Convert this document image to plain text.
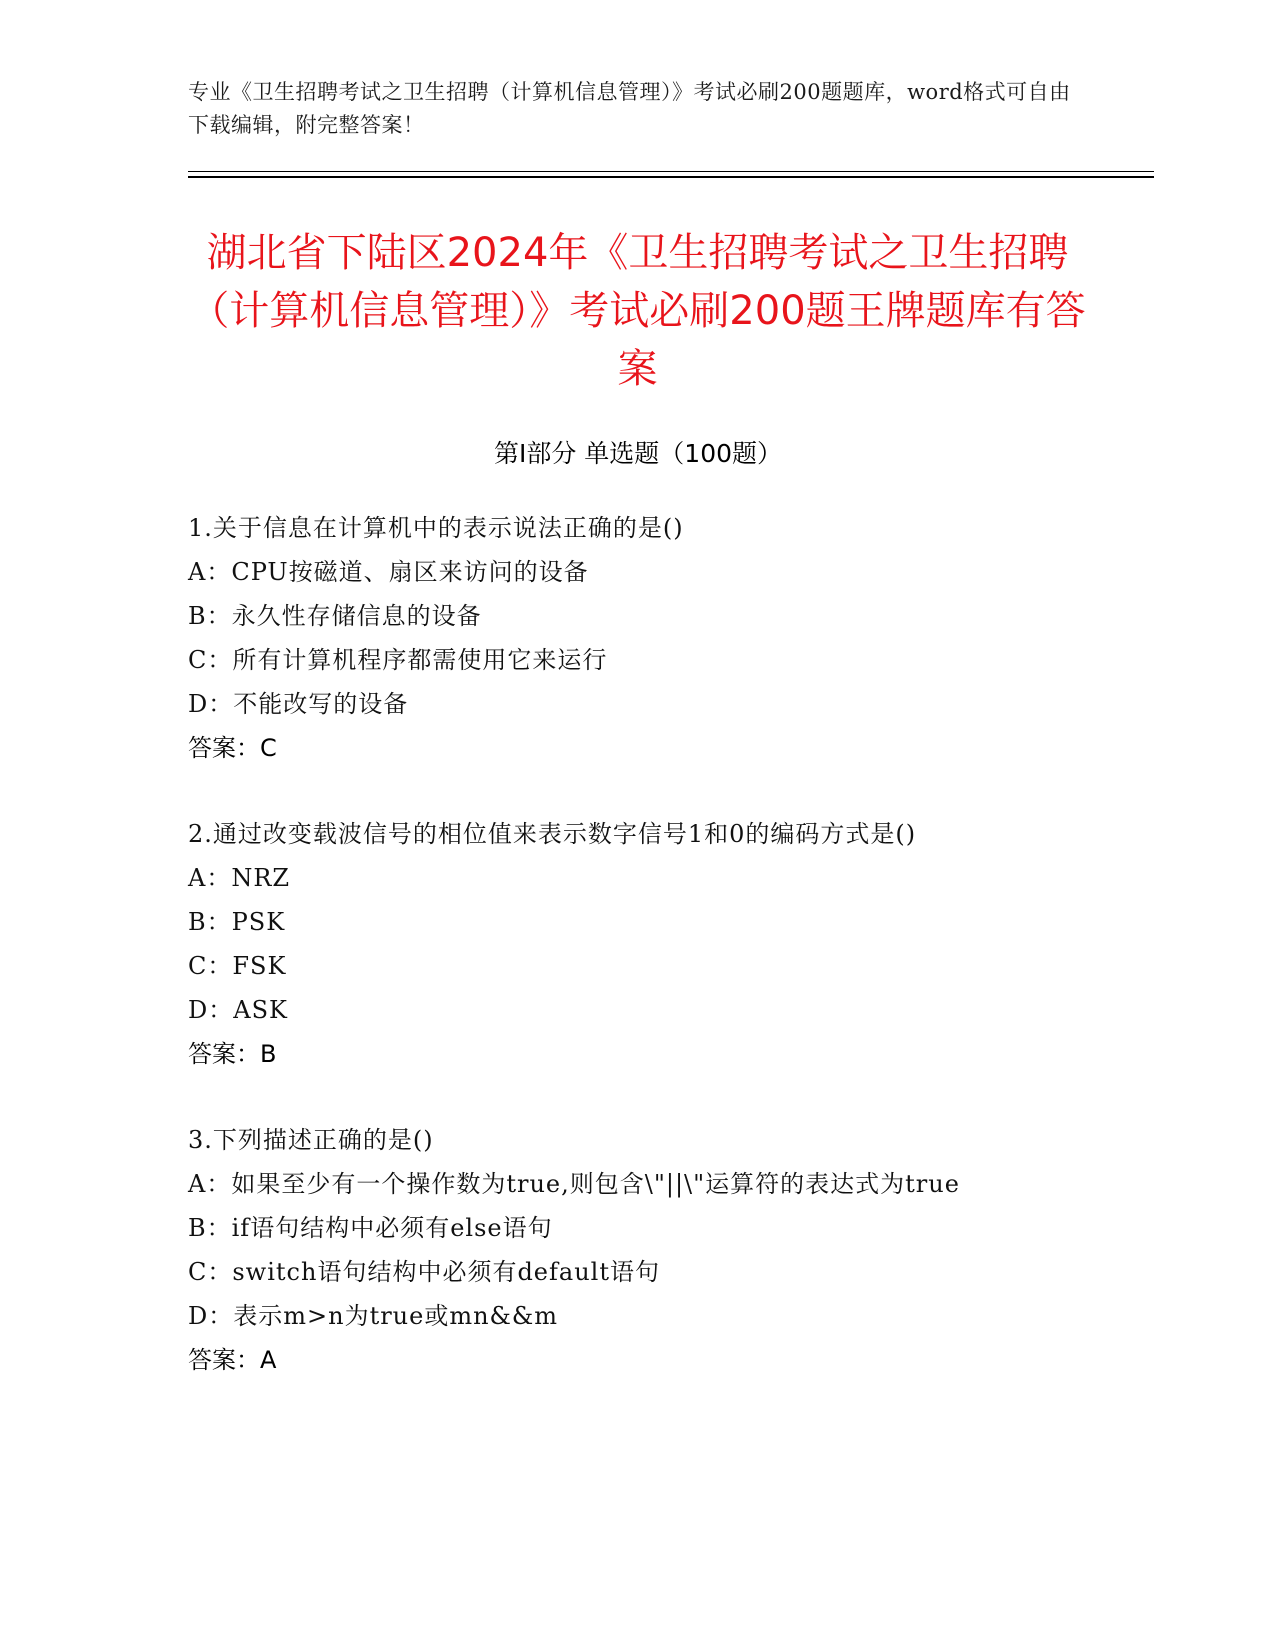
专业《卫生招聘考试之卫生招聘（计算机信息管理）》考试必刷200题题库，word格式可自由下载编辑，附完整答案！
湖北省下陆区2024年《卫生招聘考试之卫生招聘（计算机信息管理）》考试必刷200题王牌题库有答案
第Ⅰ部分 单选题（100题）
1.关于信息在计算机中的表示说法正确的是()
A：CPU按磁道、扇区来访问的设备
B：永久性存储信息的设备
C：所有计算机程序都需使用它来运行
D：不能改写的设备
答案：C
2.通过改变载波信号的相位值来表示数字信号1和0的编码方式是()
A：NRZ
B：PSK
C：FSK
D：ASK
答案：B
3.下列描述正确的是()
A：如果至少有一个操作数为true,则包含\"||\"运算符的表达式为true
B：if语句结构中必须有else语句
C：switch语句结构中必须有default语句
D：表示m>n为true或mn&&m
答案：A
